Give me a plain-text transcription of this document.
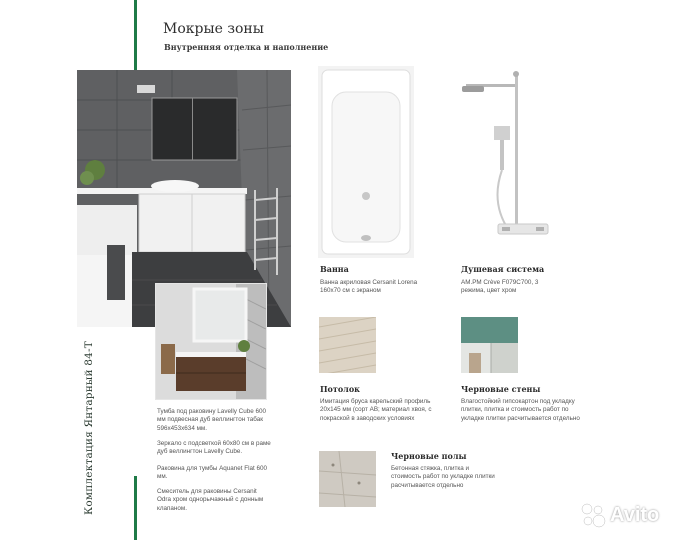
Мокрые зоны
Внутренняя отделка и наполнение
Комплектация Янтарный 84-Т	Тумба под раковину Lavelly Cube 600 мм подвесная дуб веллингтон табак 596x453x634 мм.
Зеркало с подсветкой 60x80 см в раме дуб веллингтон Lavelly Cube.
Раковина для тумбы Aquanet Flat 600 мм.
Смеситель для раковины Cersanit Odra хром однорычажный с донным клапаном.
Ванна
Ванна акриловая Cersanit Lorena 160x70 см с экраном
Душевая система
AM.PM Crève F079C700, 3 режима, цвет хром
Потолок
Имитация бруса карельский профиль 20x145 мм (сорт АВ; материал хвоя, с покраской в заводских условиях
Черновые стены
Влагостойкий гипсокартон под укладку плитки, плитка и стоимость работ по укладке плитки расчитывается отдельно
Черновые полы
Бетонная стяжка, плитка и стоимость работ по укладке плитки расчитывается отдельно
Avito
